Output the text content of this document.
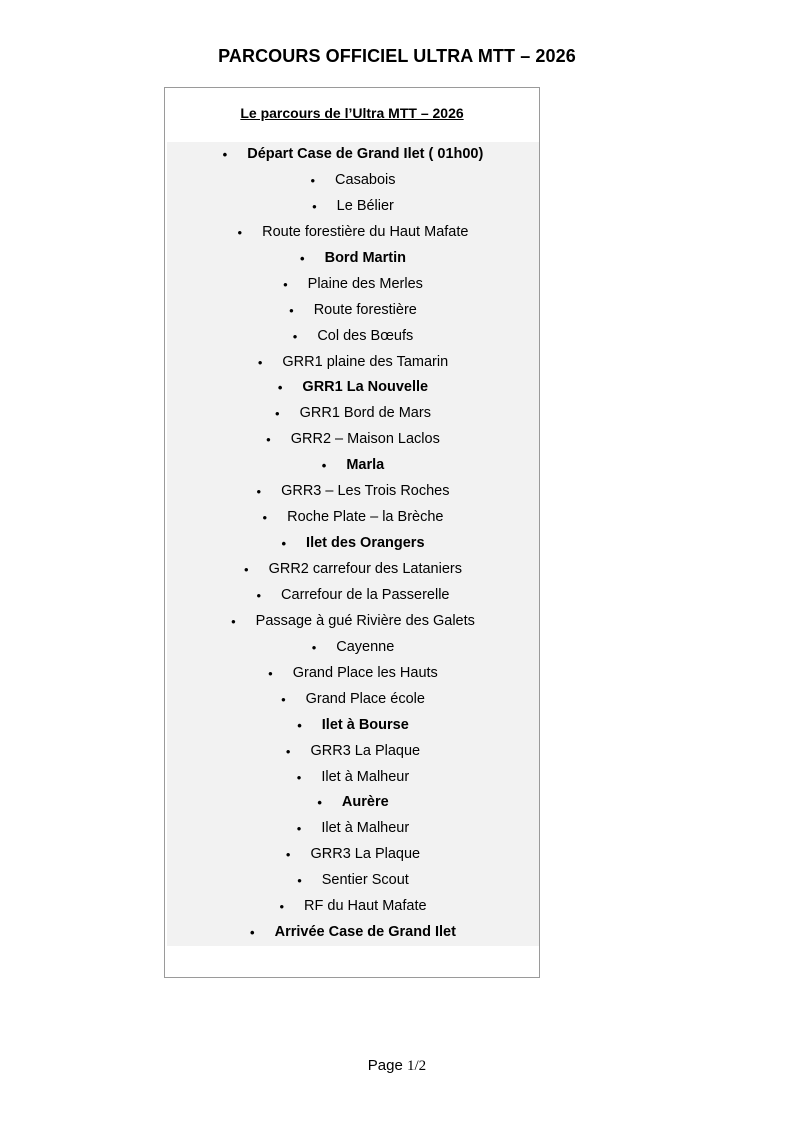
PARCOURS OFFICIEL ULTRA MTT – 2026
Le parcours de l’Ultra MTT – 2026
• Départ Case de Grand Ilet ( 01h00)
• Casabois
• Le Bélier
• Route forestière du Haut Mafate
• Bord Martin
• Plaine des Merles
• Route forestière
• Col des Bœufs
• GRR1 plaine des Tamarin
• GRR1 La Nouvelle
• GRR1 Bord de Mars
• GRR2 – Maison Laclos
• Marla
• GRR3 – Les Trois Roches
• Roche Plate – la Brèche
• Ilet des Orangers
• GRR2 carrefour des Lataniers
• Carrefour de la Passerelle
• Passage à gué Rivière des Galets
• Cayenne
• Grand Place les Hauts
• Grand Place école
• Ilet à Bourse
• GRR3 La Plaque
• Ilet à Malheur
• Aurère
• Ilet à Malheur
• GRR3 La Plaque
• Sentier Scout
• RF du Haut Mafate
• Arrivée Case de Grand Ilet
Page 1/2
